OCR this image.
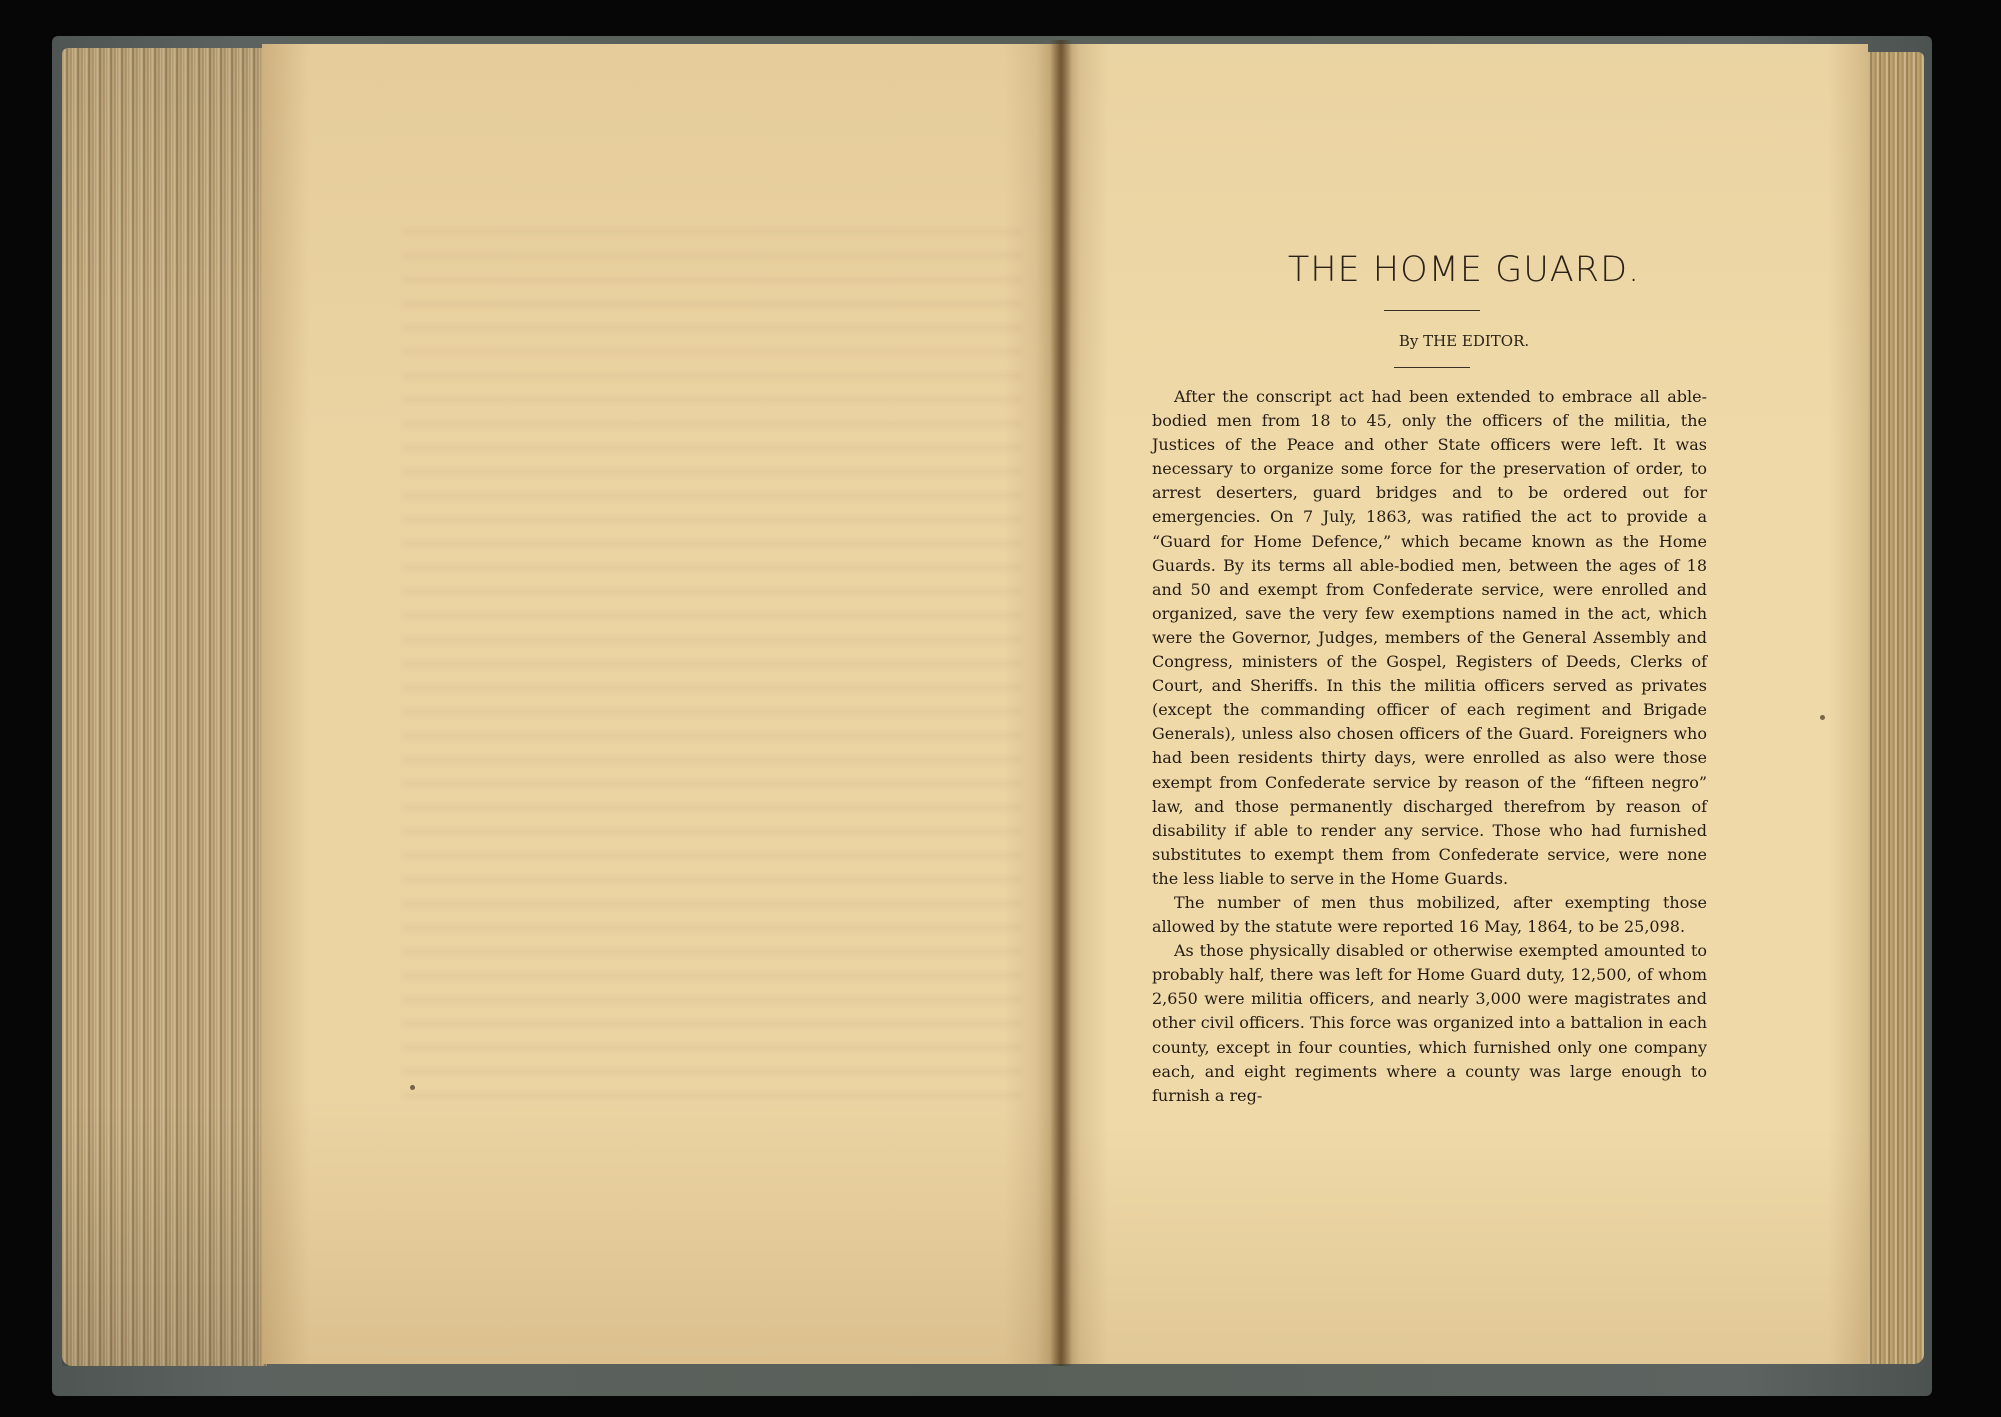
THE HOME GUARD.
By THE EDITOR.

After the conscript act had been extended to embrace all able-bodied men from 18 to 45, only the officers of the militia, the Justices of the Peace and other State officers were left. It was necessary to organize some force for the preservation of order, to arrest deserters, guard bridges and to be ordered out for emergencies. On 7 July, 1863, was ratified the act to provide a “Guard for Home Defence,” which became known as the Home Guards. By its terms all able-bodied men, between the ages of 18 and 50 and exempt from Confederate service, were enrolled and organized, save the very few exemptions named in the act, which were the Governor, Judges, members of the General Assembly and Congress, ministers of the Gospel, Registers of Deeds, Clerks of Court, and Sheriffs. In this the militia officers served as privates (except the commanding officer of each regiment and Brigade Generals), unless also chosen officers of the Guard. Foreigners who had been residents thirty days, were enrolled as also were those exempt from Confederate service by reason of the “fifteen negro” law, and those permanently discharged therefrom by reason of disability if able to render any service. Those who had furnished substitutes to exempt them from Confederate service, were none the less liable to serve in the Home Guards.

The number of men thus mobilized, after exempting those allowed by the statute were reported 16 May, 1864, to be 25,098.

As those physically disabled or otherwise exempted amounted to probably half, there was left for Home Guard duty, 12,500, of whom 2,650 were militia officers, and nearly 3,000 were magistrates and other civil officers. This force was organized into a battalion in each county, except in four counties, which furnished only one company each, and eight regiments where a county was large enough to furnish a reg-
